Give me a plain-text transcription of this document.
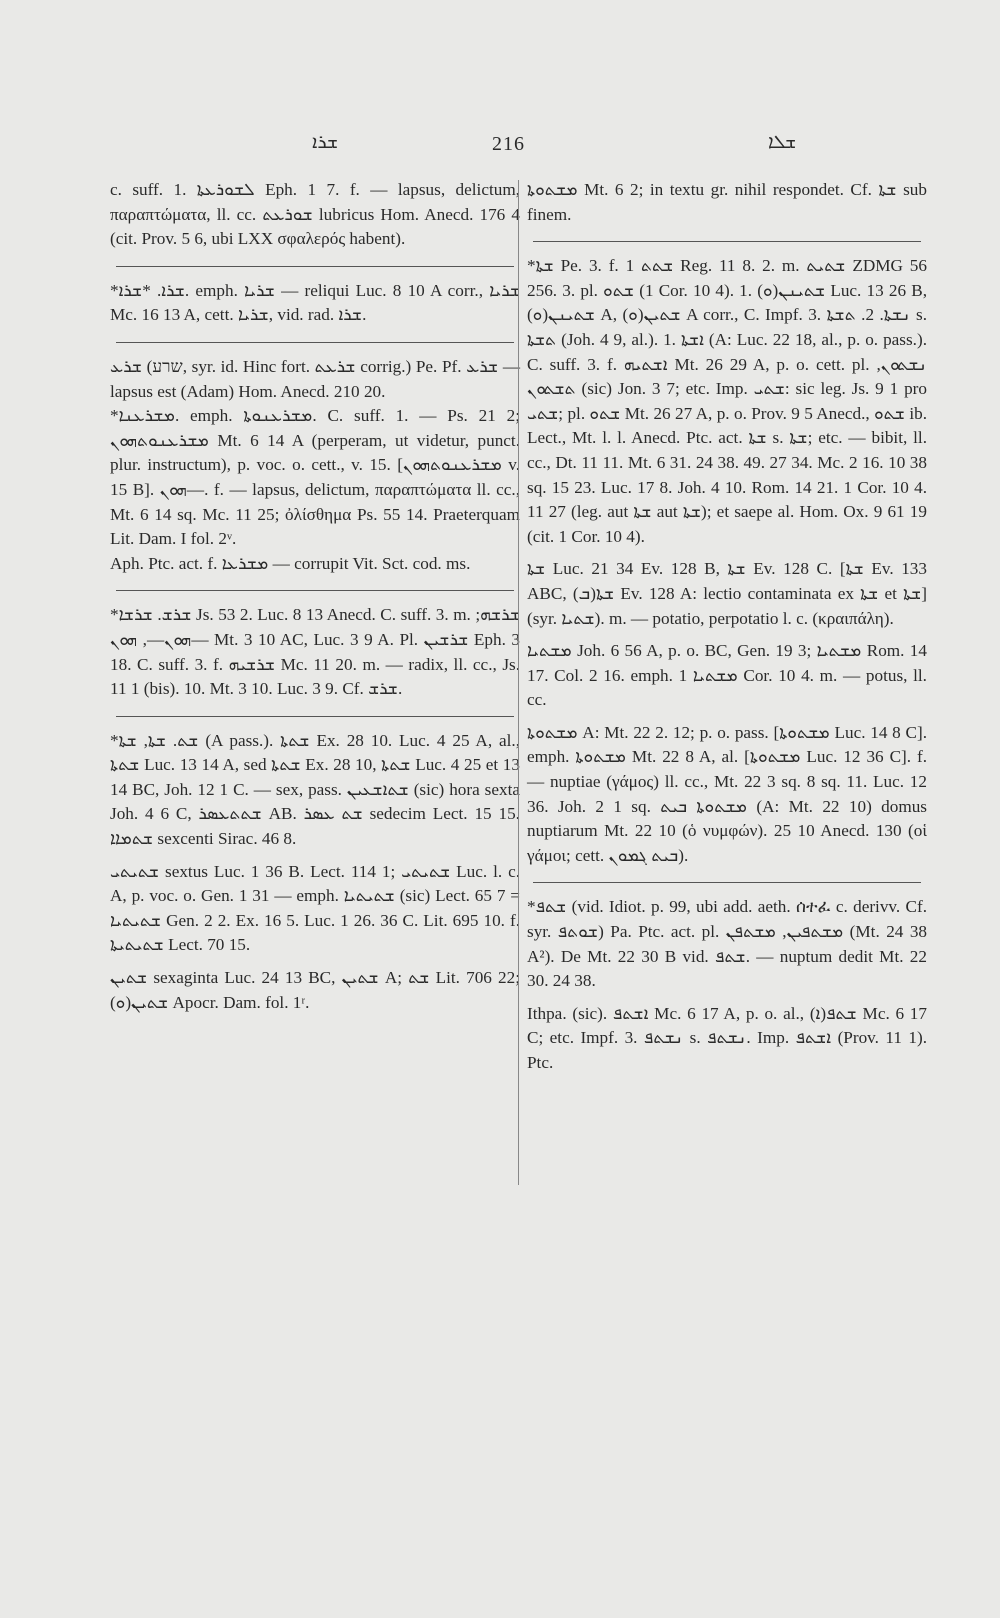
ܫܪܐ	216	ܫܠܐ

c. suff. 1. ܠܫܘܪܥܬܐ Eph. 1 7. f. — lapsus, delictum, παραπτώματα, ll. cc. ܫܘܪܥܬ lubricus Hom. Anecd. 176 4 (cit. Prov. 5 6, ubi LXX σφαλερός habent).

*ܫܪܐ. *ܫܪܐ. emph. ܫܪܝܐ — reliqui Luc. 8 10 A corr., ܫܪܝܐ Mc. 16 13 A, cett. ܫܪܝܐ, vid. rad. ܫܪܐ.

ܫܪܥ (שרע, syr. id. Hinc fort. ܫܪܥܬ corrig.) Pe. Pf. ܫܪܥ — lapsus est (Adam) Hom. Anecd. 210 20.

*ܡܫܪܥܢܐ. emph. ܡܫܪܥܢܘܬܐ. C. suff. 1. — Ps. 21 2; ܡܫܪܥܢܘܬܗܘܢ Mt. 6 14 A (perperam, ut videtur, punct. plur. instructum), p. voc. o. cett., v. 15. [ܡܫܪܥܢܘܬܗܘܢ v. 15 B]. ܗܘܢ—. f. — lapsus, delictum, παραπτώματα ll. cc., Mt. 6 14 sq. Mc. 11 25; ὀλίσθημα Ps. 55 14. Praeterquam Lit. Dam. I fol. 2ᵛ.

Aph. Ptc. act. f. ܡܫܪܥܐ — corrupit Vit. Sct. cod. ms.

*ܫܪܫ. ܫܪܫܐ Js. 53 2. Luc. 8 13 Anecd. C. suff. 3. m. ܫܪܫܗ; ܗܘܢ—, ܗܘܢ— Mt. 3 10 AC, Luc. 3 9 A. Pl. ܫܪܫܝܢ Eph. 3 18. C. suff. 3. f. ܫܪܫܝܗ Mc. 11 20. m. — radix, ll. cc., Js. 11 1 (bis). 10. Mt. 3 10. Luc. 3 9. Cf. ܫܪܫ.

*ܫܬ. ܫܬܐ, ܫܬܐ (A pass.). ܫܬܬܐ Ex. 28 10. Luc. 4 25 A, al., ܫܬܬܐ Luc. 13 14 A, sed ܫܬܬܐ Ex. 28 10, ܫܬܬܐ Luc. 4 25 et 13 14 BC, Joh. 12 1 C. — sex, pass. ܫܬܐܫܥܝܢ (sic) hora sexta Joh. 4 6 C, ܫܬܬܥܣܪ AB. ܫܬ ܥܣܪ sedecim Lect. 15 15. ܫܬܡܐܐ sexcenti Sirac. 46 8.

ܫܬܝܬܝ sextus Luc. 1 36 B. Lect. 114 1; ܫܬܝܬܝ Luc. l. c. A, p. voc. o. Gen. 1 31 — emph. ܫܬܝܬܝܐ (sic) Lect. 65 7 = ܫܬܝܬܝܐ Gen. 2 2. Ex. 16 5. Luc. 1 26. 36 C. Lit. 695 10. f. ܫܬܝܬܝܬܐ Lect. 70 15.

ܫܬܝܢ sexaginta Luc. 24 13 BC, ܫܬܝܢ A; ܫܬ Lit. 706 22; ܫܬܝܢ(ܘ) Apocr. Dam. fol. 1ʳ.

ܡܫܬܘܬܐ Mt. 6 2; in textu gr. nihil respondet. Cf. ܫܬܐ sub finem.

*ܫܬܐ Pe. 3. f. ܫܬܬ 1 Reg. 11 8. 2. m. ܫܬܝܬ ZDMG 56 256. 3. pl. ܫܬܘ (1 Cor. 10 4). 1. ܫܬܝܢܢ(ܘ) Luc. 13 26 B, ܫܬܝܢܢ(ܘ) A, ܫܬܝܢ(ܘ) A corr., C. Impf. 3. ܢܫܬܐ. 2. ܬܫܬܐ s. ܬܫܬܐ (Joh. 4 9, al.). 1. ܐܫܬܐ (A: Luc. 22 18, al., p. o. pass.). C. suff. 3. f. ܐܫܬܝܗ Mt. 26 29 A, p. o. cett. pl. ܢܫܬܘܢ, ܬܫܬܘܢ (sic) Jon. 3 7; etc. Imp. ܫܬܝ: sic leg. Js. 9 1 pro ܫܬܝ; pl. ܫܬܘ Mt. 26 27 A, p. o. Prov. 9 5 Anecd., ܫܬܘ ib. Lect., Mt. l. l. Anecd. Ptc. act. ܫܬܐ s. ܫܬܐ; etc. — bibit, ll. cc., Dt. 11 11. Mt. 6 31. 24 38. 49. 27 34. Mc. 2 16. 10 38 sq. 15 23. Luc. 17 8. Joh. 4 10. Rom. 14 21. 1 Cor. 10 4. 11 27 (leg. aut ܫܬܐ aut ܫܬܐ); et saepe al. Hom. Ox. 9 61 19 (cit. 1 Cor. 10 4).

ܫܬܐ Luc. 21 34 Ev. 128 B, ܫܬܐ Ev. 128 C. [ܫܬܐ Ev. 133 ABC, ܫܬܐ(ܒ) Ev. 128 A: lectio contaminata ex ܫܬܐ et ܫܬܐ] (syr. ܫܬܝܐ). m. — potatio, perpotatio l. c. (κραιπάλη).

ܡܫܬܝܐ Joh. 6 56 A, p. o. BC, Gen. 19 3; ܡܫܬܝܐ Rom. 14 17. Col. 2 16. emph. ܡܫܬܝܐ 1 Cor. 10 4. m. — potus, ll. cc.

ܡܫܬܘܬܐ A: Mt. 22 2. 12; p. o. pass. [ܡܫܬܘܬܐ Luc. 14 8 C]. emph. ܡܫܬܘܬܐ Mt. 22 8 A, al. [ܡܫܬܘܬܐ Luc. 12 36 C]. f. — nuptiae (γάμος) ll. cc., Mt. 22 3 sq. 8 sq. 11. Luc. 12 36. Joh. 2 1 sq. ܡܫܬܘܬܐ ܒܝܬ (A: Mt. 22 10) domus nuptiarum Mt. 22 10 (ὁ νυμφών). 25 10 Anecd. 130 (οἱ γάμοι; cett. ܒܝܬ ܓܡܘܢ).

*ܫܬܦ (vid. Idiot. p. 99, ubi add. aeth. ሰተፈ c. derivv. Cf. syr. ܫܘܬܦ) Pa. Ptc. act. pl. ܡܫܬܦܝܢ, ܡܫܬܦܢ (Mt. 24 38 A²). De Mt. 22 30 B vid. ܫܬܦ. — nuptum dedit Mt. 22 30. 24 38.

Ithpa. (sic). ܐܫܬܦ Mc. 6 17 A, p. o. al., ܫܬܦ(ܐ) Mc. 6 17 C; etc. Impf. 3. ܢܫܬܦ s. ܢܫܬܦ. Imp. ܐܫܬܦ (Prov. 11 1). Ptc.
